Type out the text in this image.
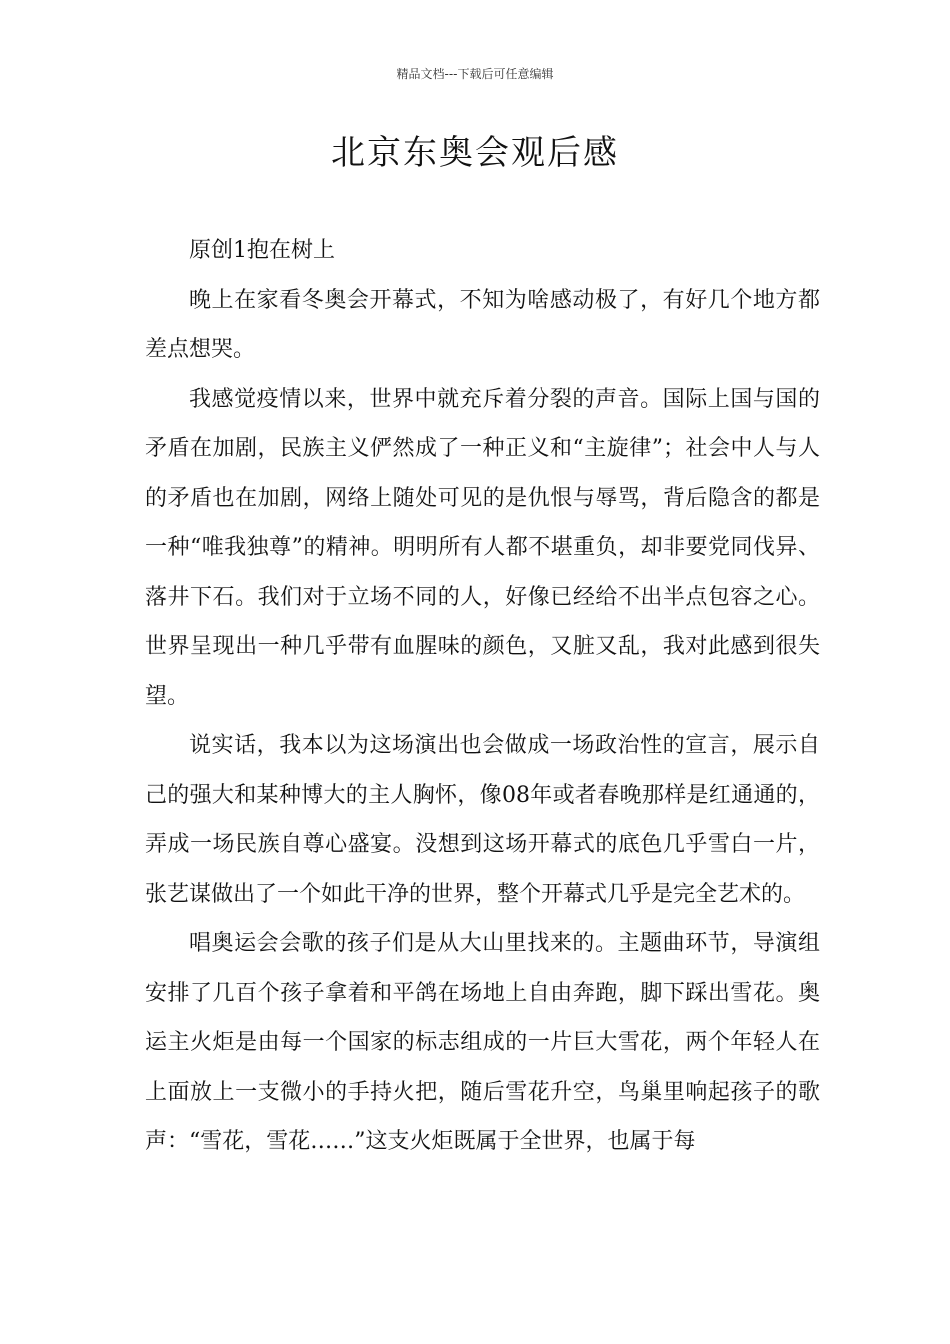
精品文档---下载后可任意编辑
北京东奥会观后感

原创1抱在树上

晚上在家看冬奥会开幕式，不知为啥感动极了，有好几个地方都差点想哭。

我感觉疫情以来，世界中就充斥着分裂的声音。国际上国与国的矛盾在加剧，民族主义俨然成了一种正义和“主旋律”；社会中人与人的矛盾也在加剧，网络上随处可见的是仇恨与辱骂，背后隐含的都是一种“唯我独尊”的精神。明明所有人都不堪重负，却非要党同伐异、落井下石。我们对于立场不同的人，好像已经给不出半点包容之心。世界呈现出一种几乎带有血腥味的颜色，又脏又乱，我对此感到很失望。

说实话，我本以为这场演出也会做成一场政治性的宣言，展示自己的强大和某种博大的主人胸怀，像08年或者春晚那样是红通通的，弄成一场民族自尊心盛宴。没想到这场开幕式的底色几乎雪白一片，张艺谋做出了一个如此干净的世界，整个开幕式几乎是完全艺术的。

唱奥运会会歌的孩子们是从大山里找来的。主题曲环节，导演组安排了几百个孩子拿着和平鸽在场地上自由奔跑，脚下踩出雪花。奥运主火炬是由每一个国家的标志组成的一片巨大雪花，两个年轻人在上面放上一支微小的手持火把，随后雪花升空，鸟巢里响起孩子的歌声：“雪花，雪花……”这支火炬既属于全世界，也属于每
